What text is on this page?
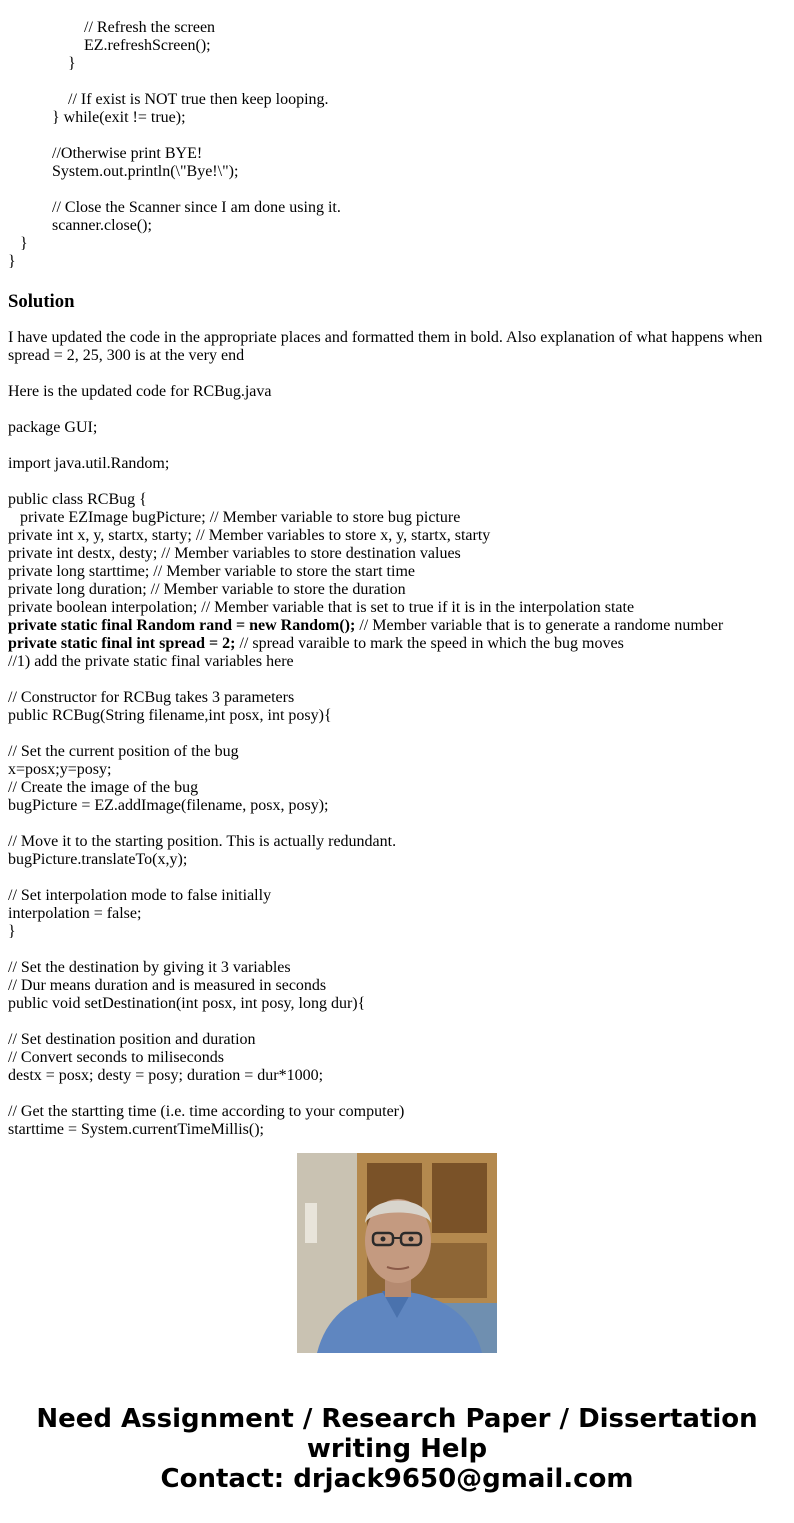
// Refresh the screen
EZ.refreshScreen();
}
// If exist is NOT true then keep looping.
} while(exit != true);
//Otherwise print BYE!
System.out.println(\"Bye!\");
// Close the Scanner since I am done using it.
scanner.close();
}
}
Solution

I have updated the code in the appropriate places and formatted them in bold. Also explanation of what happens when spread = 2, 25, 300 is at the very end

Here is the updated code for RCBug.java
package GUI;
import java.util.Random;
public class RCBug {
private EZImage bugPicture; // Member variable to store bug picture
private int x, y, startx, starty; // Member variables to store x, y, startx, starty
private int destx, desty; // Member variables to store destination values
private long starttime; // Member variable to store the start time
private long duration; // Member variable to store the duration
private boolean interpolation; // Member variable that is set to true if it is in the interpolation state
private static final Random rand = new Random(); // Member variable that is to generate a randome number
private static final int spread = 2; // spread varaible to mark the speed in which the bug moves
//1) add the private static final variables here
// Constructor for RCBug takes 3 parameters
public RCBug(String filename,int posx, int posy){
// Set the current position of the bug
x=posx;y=posy;
// Create the image of the bug
bugPicture = EZ.addImage(filename, posx, posy);
// Move it to the starting position. This is actually redundant.
bugPicture.translateTo(x,y);
// Set interpolation mode to false initially
interpolation = false;
}
// Set the destination by giving it 3 variables
// Dur means duration and is measured in seconds
public void setDestination(int posx, int posy, long dur){
// Set destination position and duration
// Convert seconds to miliseconds
destx = posx; desty = posy; duration = dur*1000;
// Get the startting time (i.e. time according to your computer)
starttime = System.currentTimeMillis();
Need Assignment / Research Paper / Dissertation
writing Help
Contact: drjack9650@gmail.com
